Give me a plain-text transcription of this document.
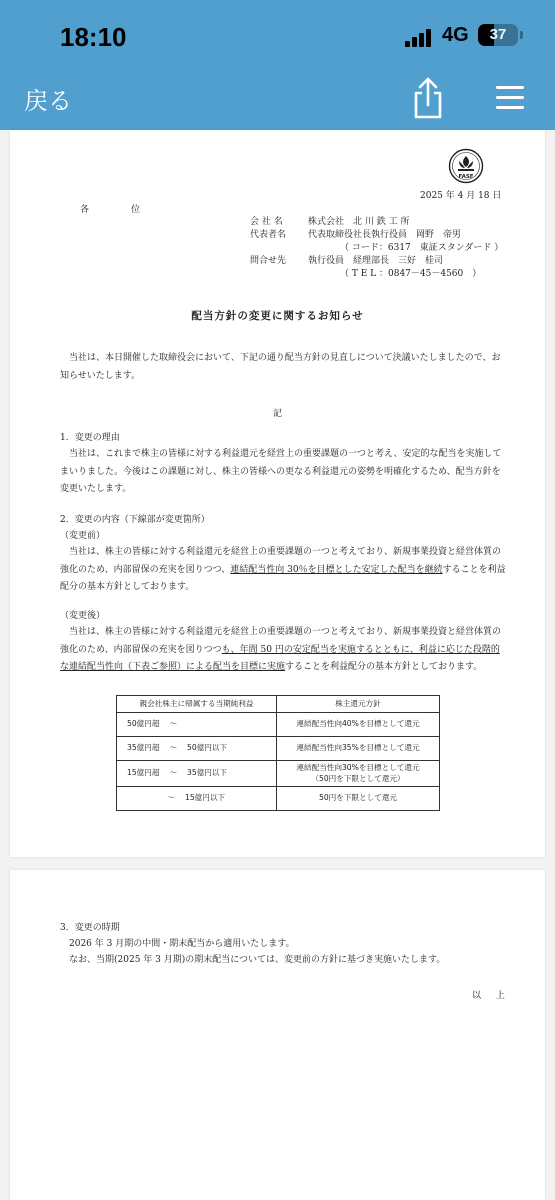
18:10	4G	37
戻る
FASF
2025 年 4 月 18 日
各　　位
会 社 名	株式会社　北 川 鉄 工 所
代表者名 代表取締役社長執行役員　岡野　帝男
（ コード：6317　東証スタンダード ）
問合せ先 執行役員　経理部長　三好　桂司
（ T E L ：0847－45－4560　）
配当方針の変更に関するお知らせ

当社は、本日開催した取締役会において、下記の通り配当方針の見直しについて決議いたしましたので、お知らせいたします。

記

1．変更の理由

当社は、これまで株主の皆様に対する利益還元を経営上の重要課題の一つと考え、安定的な配当を実施してまいりました。今後はこの課題に対し、株主の皆様への更なる利益還元の姿勢を明確化するため、配当方針を変更いたします。

2．変更の内容（下線部が変更箇所）

（変更前）

当社は、株主の皆様に対する利益還元を経営上の重要課題の一つと考えており、新規事業投資と経営体質の強化のため、内部留保の充実を図りつつ、連結配当性向 30％を目標とした安定した配当を継続することを利益配分の基本方針としております。

（変更後）

当社は、株主の皆様に対する利益還元を経営上の重要課題の一つと考えており、新規事業投資と経営体質の強化のため、内部留保の充実を図りつつも、年間 50 円の安定配当を実施するとともに、利益に応じた段階的な連結配当性向（下表ご参照）による配当を目標に実施することを利益配分の基本方針としております。

親会社株主に帰属する当期純利益	株主還元方針
50億円超　 〜	連結配当性向40%を目標として還元
35億円超　 〜　 50億円以下	連結配当性向35%を目標として還元
15億円超　 〜　 35億円以下	連結配当性向30%を目標として還元
（50円を下限として還元）
　　　　　 〜　 15億円以下	50円を下限として還元

3．変更の時期

2026 年 3 月期の中間・期末配当から適用いたします。

なお、当期(2025 年 3 月期)の期末配当については、変更前の方針に基づき実施いたします。

以 上
